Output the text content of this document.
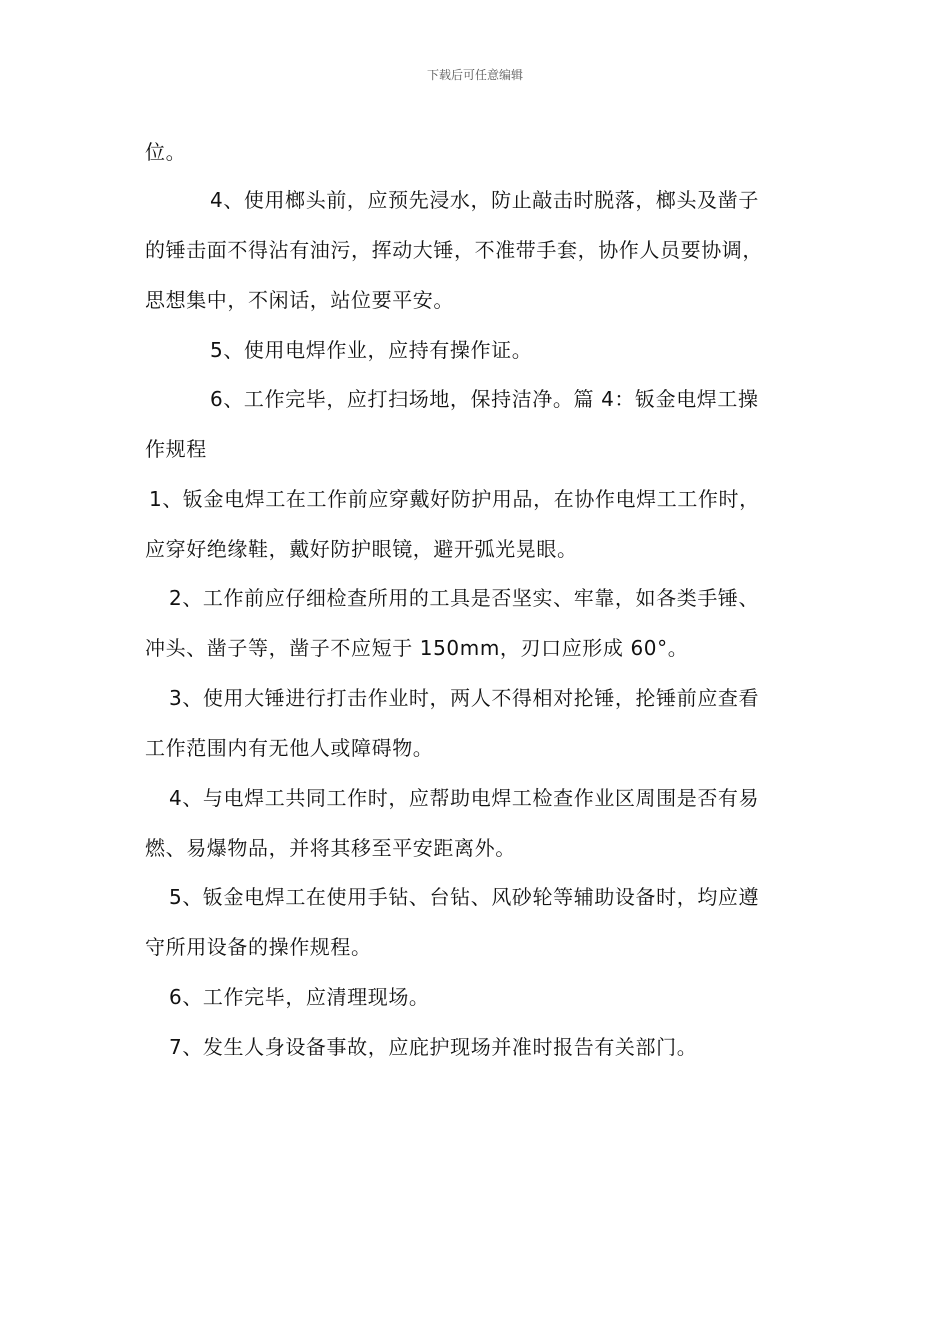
下载后可任意编辑
位。
4、使用榔头前，应预先浸水，防止敲击时脱落，榔头及凿子
的锤击面不得沾有油污，挥动大锤，不准带手套，协作人员要协调，
思想集中，不闲话，站位要平安。
5、使用电焊作业，应持有操作证。
6、工作完毕，应打扫场地，保持洁净。篇 4：钣金电焊工操
作规程
1、钣金电焊工在工作前应穿戴好防护用品，在协作电焊工工作时，
应穿好绝缘鞋，戴好防护眼镜，避开弧光晃眼。
2、工作前应仔细检查所用的工具是否坚实、牢靠，如各类手锤、
冲头、凿子等，凿子不应短于 150mm，刃口应形成 60°。
3、使用大锤进行打击作业时，两人不得相对抡锤，抡锤前应查看
工作范围内有无他人或障碍物。
4、与电焊工共同工作时，应帮助电焊工检查作业区周围是否有易
燃、易爆物品，并将其移至平安距离外。
5、钣金电焊工在使用手钻、台钻、风砂轮等辅助设备时，均应遵
守所用设备的操作规程。
6、工作完毕，应清理现场。
7、发生人身设备事故，应庇护现场并准时报告有关部门。
